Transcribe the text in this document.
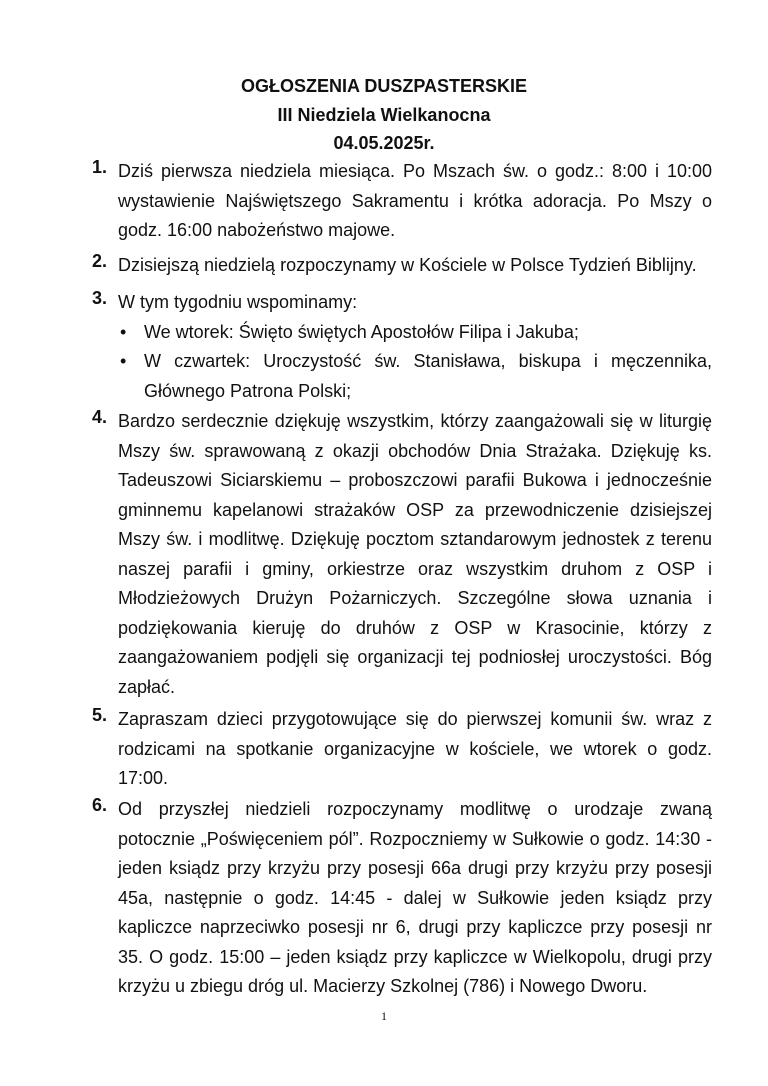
OGŁOSZENIA DUSZPASTERSKIE
III Niedziela Wielkanocna
04.05.2025r.
1. Dziś pierwsza niedziela miesiąca. Po Mszach św. o godz.: 8:00 i 10:00 wystawienie Najświętszego Sakramentu i krótka adoracja. Po Mszy o godz. 16:00 nabożeństwo majowe.
2. Dzisiejszą niedzielą rozpoczynamy w Kościele w Polsce Tydzień Biblijny.
3. W tym tygodniu wspominamy:
• We wtorek: Święto świętych Apostołów Filipa i Jakuba;
• W czwartek: Uroczystość św. Stanisława, biskupa i męczennika, Głównego Patrona Polski;
4. Bardzo serdecznie dziękuję wszystkim, którzy zaangażowali się w liturgię Mszy św. sprawowaną z okazji obchodów Dnia Strażaka. Dziękuję ks. Tadeuszowi Siciarskiemu – proboszczowi parafii Bukowa i jednocześnie gminnemu kapelanowi strażaków OSP za przewodniczenie dzisiejszej Mszy św. i modlitwę. Dziękuję pocztom sztandarowym jednostek z terenu naszej parafii i gminy, orkiestrze oraz wszystkim druhom z OSP i Młodzieżowych Drużyn Pożarniczych. Szczególne słowa uznania i podziękowania kieruję do druhów z OSP w Krasocinie, którzy z zaangażowaniem podjęli się organizacji tej podniosłej uroczystości. Bóg zapłać.
5. Zapraszam dzieci przygotowujące się do pierwszej komunii św. wraz z rodzicami na spotkanie organizacyjne w kościele, we wtorek o godz. 17:00.
6. Od przyszłej niedzieli rozpoczynamy modlitwę o urodzaje zwaną potocznie „Poświęceniem pól”. Rozpoczniemy w Sułkowie o godz. 14:30 - jeden ksiądz przy krzyżu przy posesji 66a drugi przy krzyżu przy posesji 45a, następnie o godz. 14:45 - dalej w Sułkowie jeden ksiądz przy kapliczce naprzeciwko posesji nr 6, drugi przy kapliczce przy posesji nr 35. O godz. 15:00 – jeden ksiądz przy kapliczce w Wielkopolu, drugi przy krzyżu u zbiegu dróg ul. Macierzy Szkolnej (786) i Nowego Dworu.
1
